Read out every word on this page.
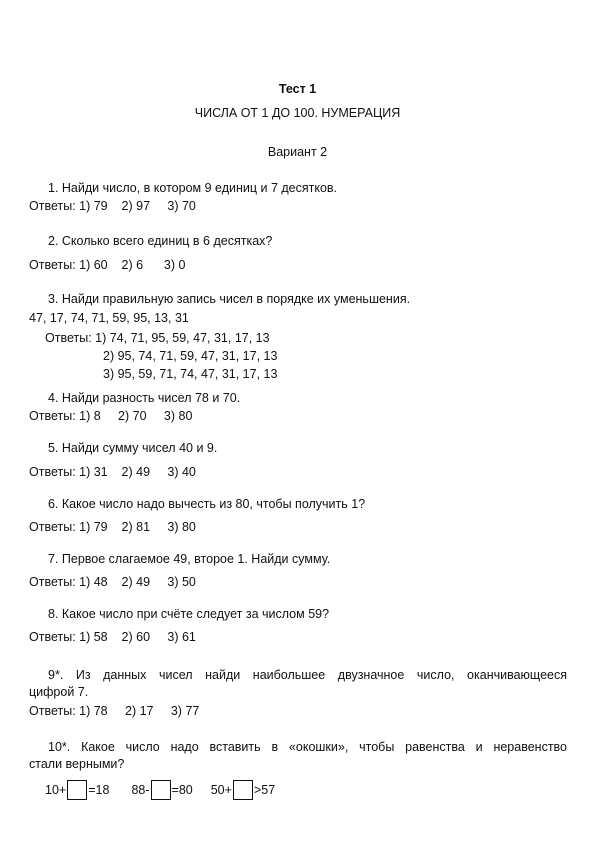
Тест 1
ЧИСЛА ОТ 1 ДО 100. НУМЕРАЦИЯ
Вариант 2
1. Найди число, в котором 9 единиц и 7 десятков.
Ответы: 1) 79    2) 97     3) 70
2. Сколько всего единиц в 6 десятках?
Ответы: 1) 60    2) 6      3) 0
3. Найди правильную запись чисел в порядке их уменьшения.
47, 17, 74, 71, 59, 95, 13, 31
Ответы: 1) 74, 71, 95, 59, 47, 31, 17, 13
2) 95, 74, 71, 59, 47, 31, 17, 13
3) 95, 59, 71, 74, 47, 31, 17, 13
4. Найди разность чисел 78 и 70.
Ответы: 1) 8     2) 70     3) 80
5. Найди сумму чисел 40 и 9.
Ответы: 1) 31    2) 49     3) 40
6. Какое число надо вычесть из 80, чтобы получить 1?
Ответы: 1) 79    2) 81     3) 80
7. Первое слагаемое 49, второе 1. Найди сумму.
Ответы: 1) 48    2) 49     3) 50
8. Какое число при счёте следует за числом 59?
Ответы: 1) 58    2) 60     3) 61
9*. Из данных чисел найди наибольшее двузначное число, оканчивающееся
цифрой 7.
Ответы: 1) 78     2) 17     3) 77
10*. Какое число надо вставить в «окошки», чтобы равенства и неравенство
стали верными?
10+ =18 88- =80 50+ >57
